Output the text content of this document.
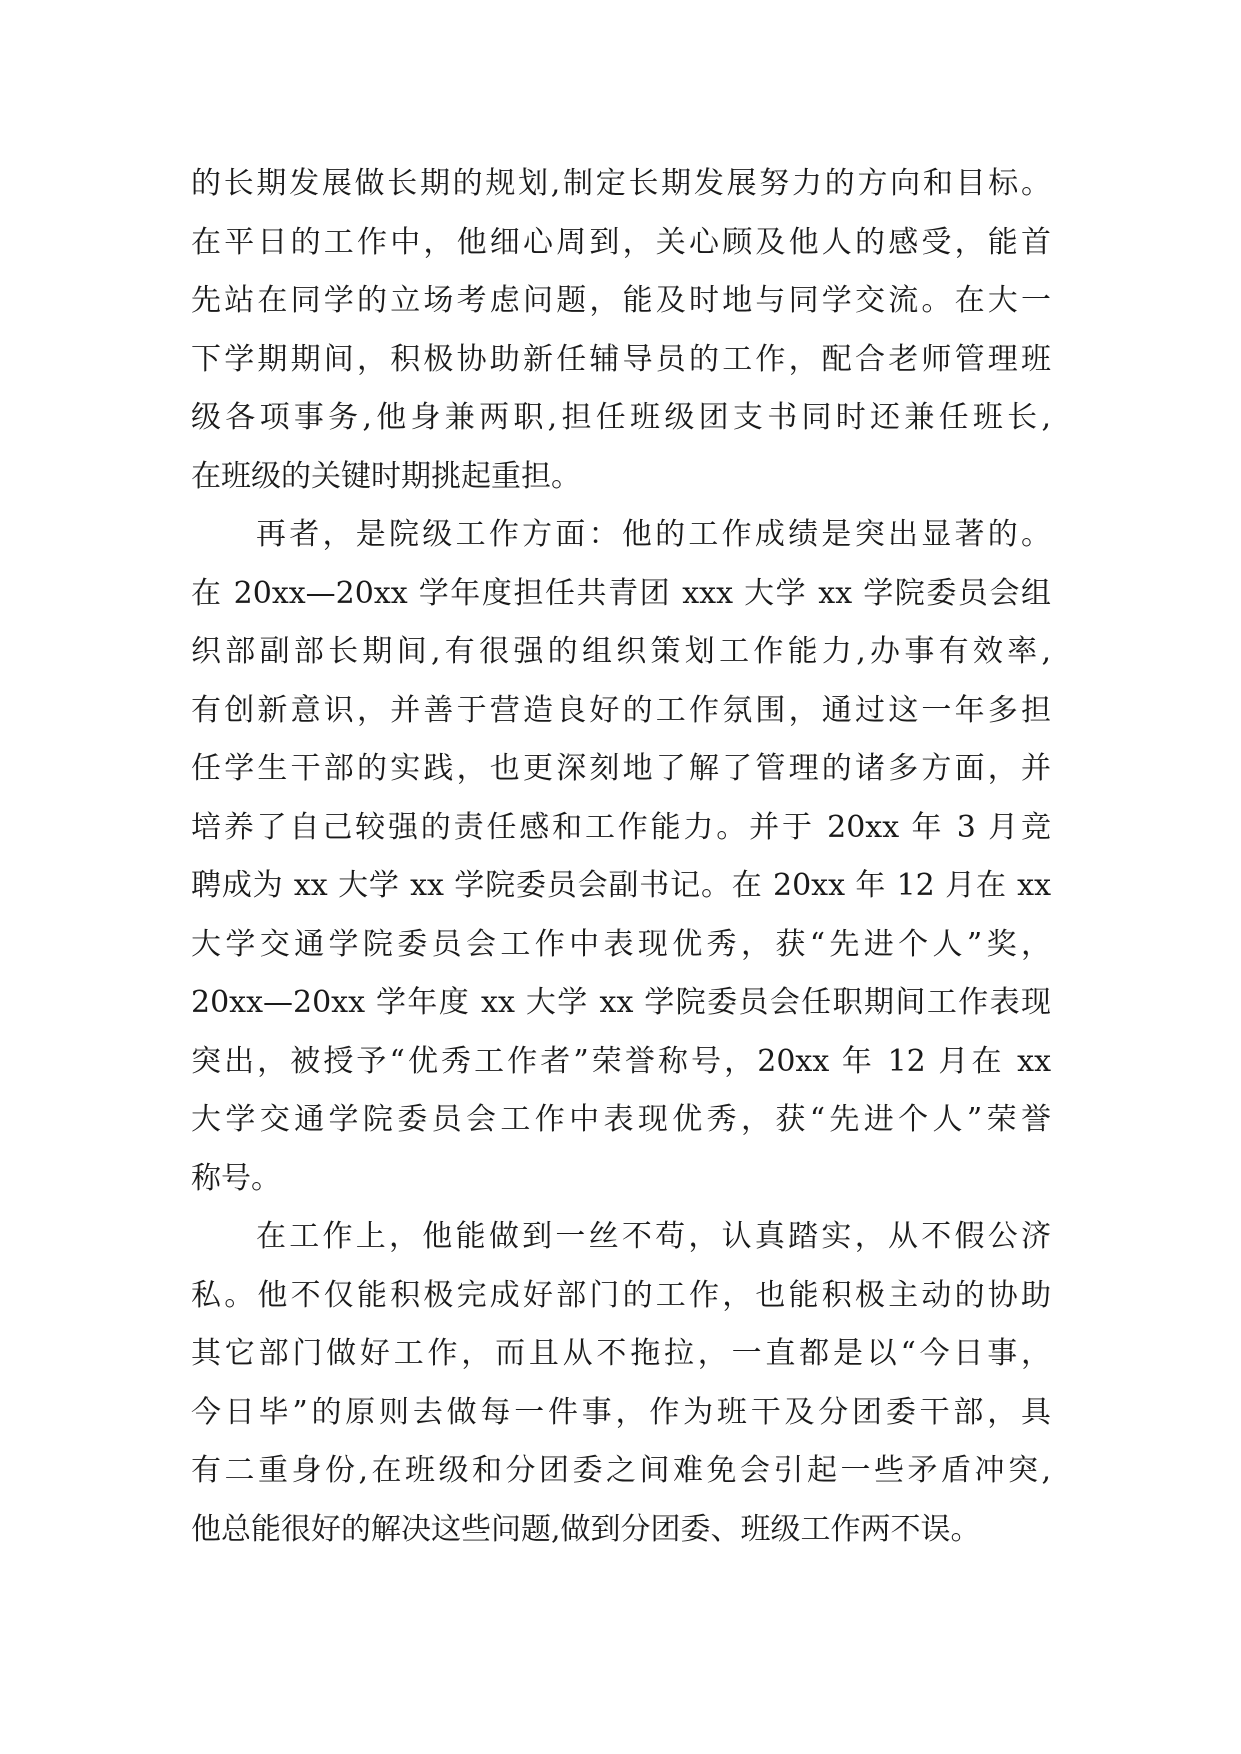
的长期发展做长期的规划,制定长期发展努力的方向和目标。
在平日的工作中，他细心周到，关心顾及他人的感受，能首
先站在同学的立场考虑问题，能及时地与同学交流。在大一
下学期期间，积极协助新任辅导员的工作，配合老师管理班
级各项事务,他身兼两职,担任班级团支书同时还兼任班长,
在班级的关键时期挑起重担。
再者，是院级工作方面：他的工作成绩是突出显著的。
在 20xx—20xx 学年度担任共青团 xxx 大学 xx 学院委员会组
织部副部长期间,有很强的组织策划工作能力,办事有效率,
有创新意识，并善于营造良好的工作氛围，通过这一年多担
任学生干部的实践，也更深刻地了解了管理的诸多方面，并
培养了自己较强的责任感和工作能力。并于 20xx 年 3 月竞
聘成为 xx 大学 xx 学院委员会副书记。在 20xx 年 12 月在 xx
大学交通学院委员会工作中表现优秀，获“先进个人”奖，
20xx—20xx 学年度 xx 大学 xx 学院委员会任职期间工作表现
突出，被授予“优秀工作者”荣誉称号，20xx 年 12 月在 xx
大学交通学院委员会工作中表现优秀，获“先进个人”荣誉
称号。
在工作上，他能做到一丝不苟，认真踏实，从不假公济
私。他不仅能积极完成好部门的工作，也能积极主动的协助
其它部门做好工作，而且从不拖拉，一直都是以“今日事，
今日毕”的原则去做每一件事，作为班干及分团委干部，具
有二重身份,在班级和分团委之间难免会引起一些矛盾冲突,
他总能很好的解决这些问题,做到分团委、班级工作两不误。
